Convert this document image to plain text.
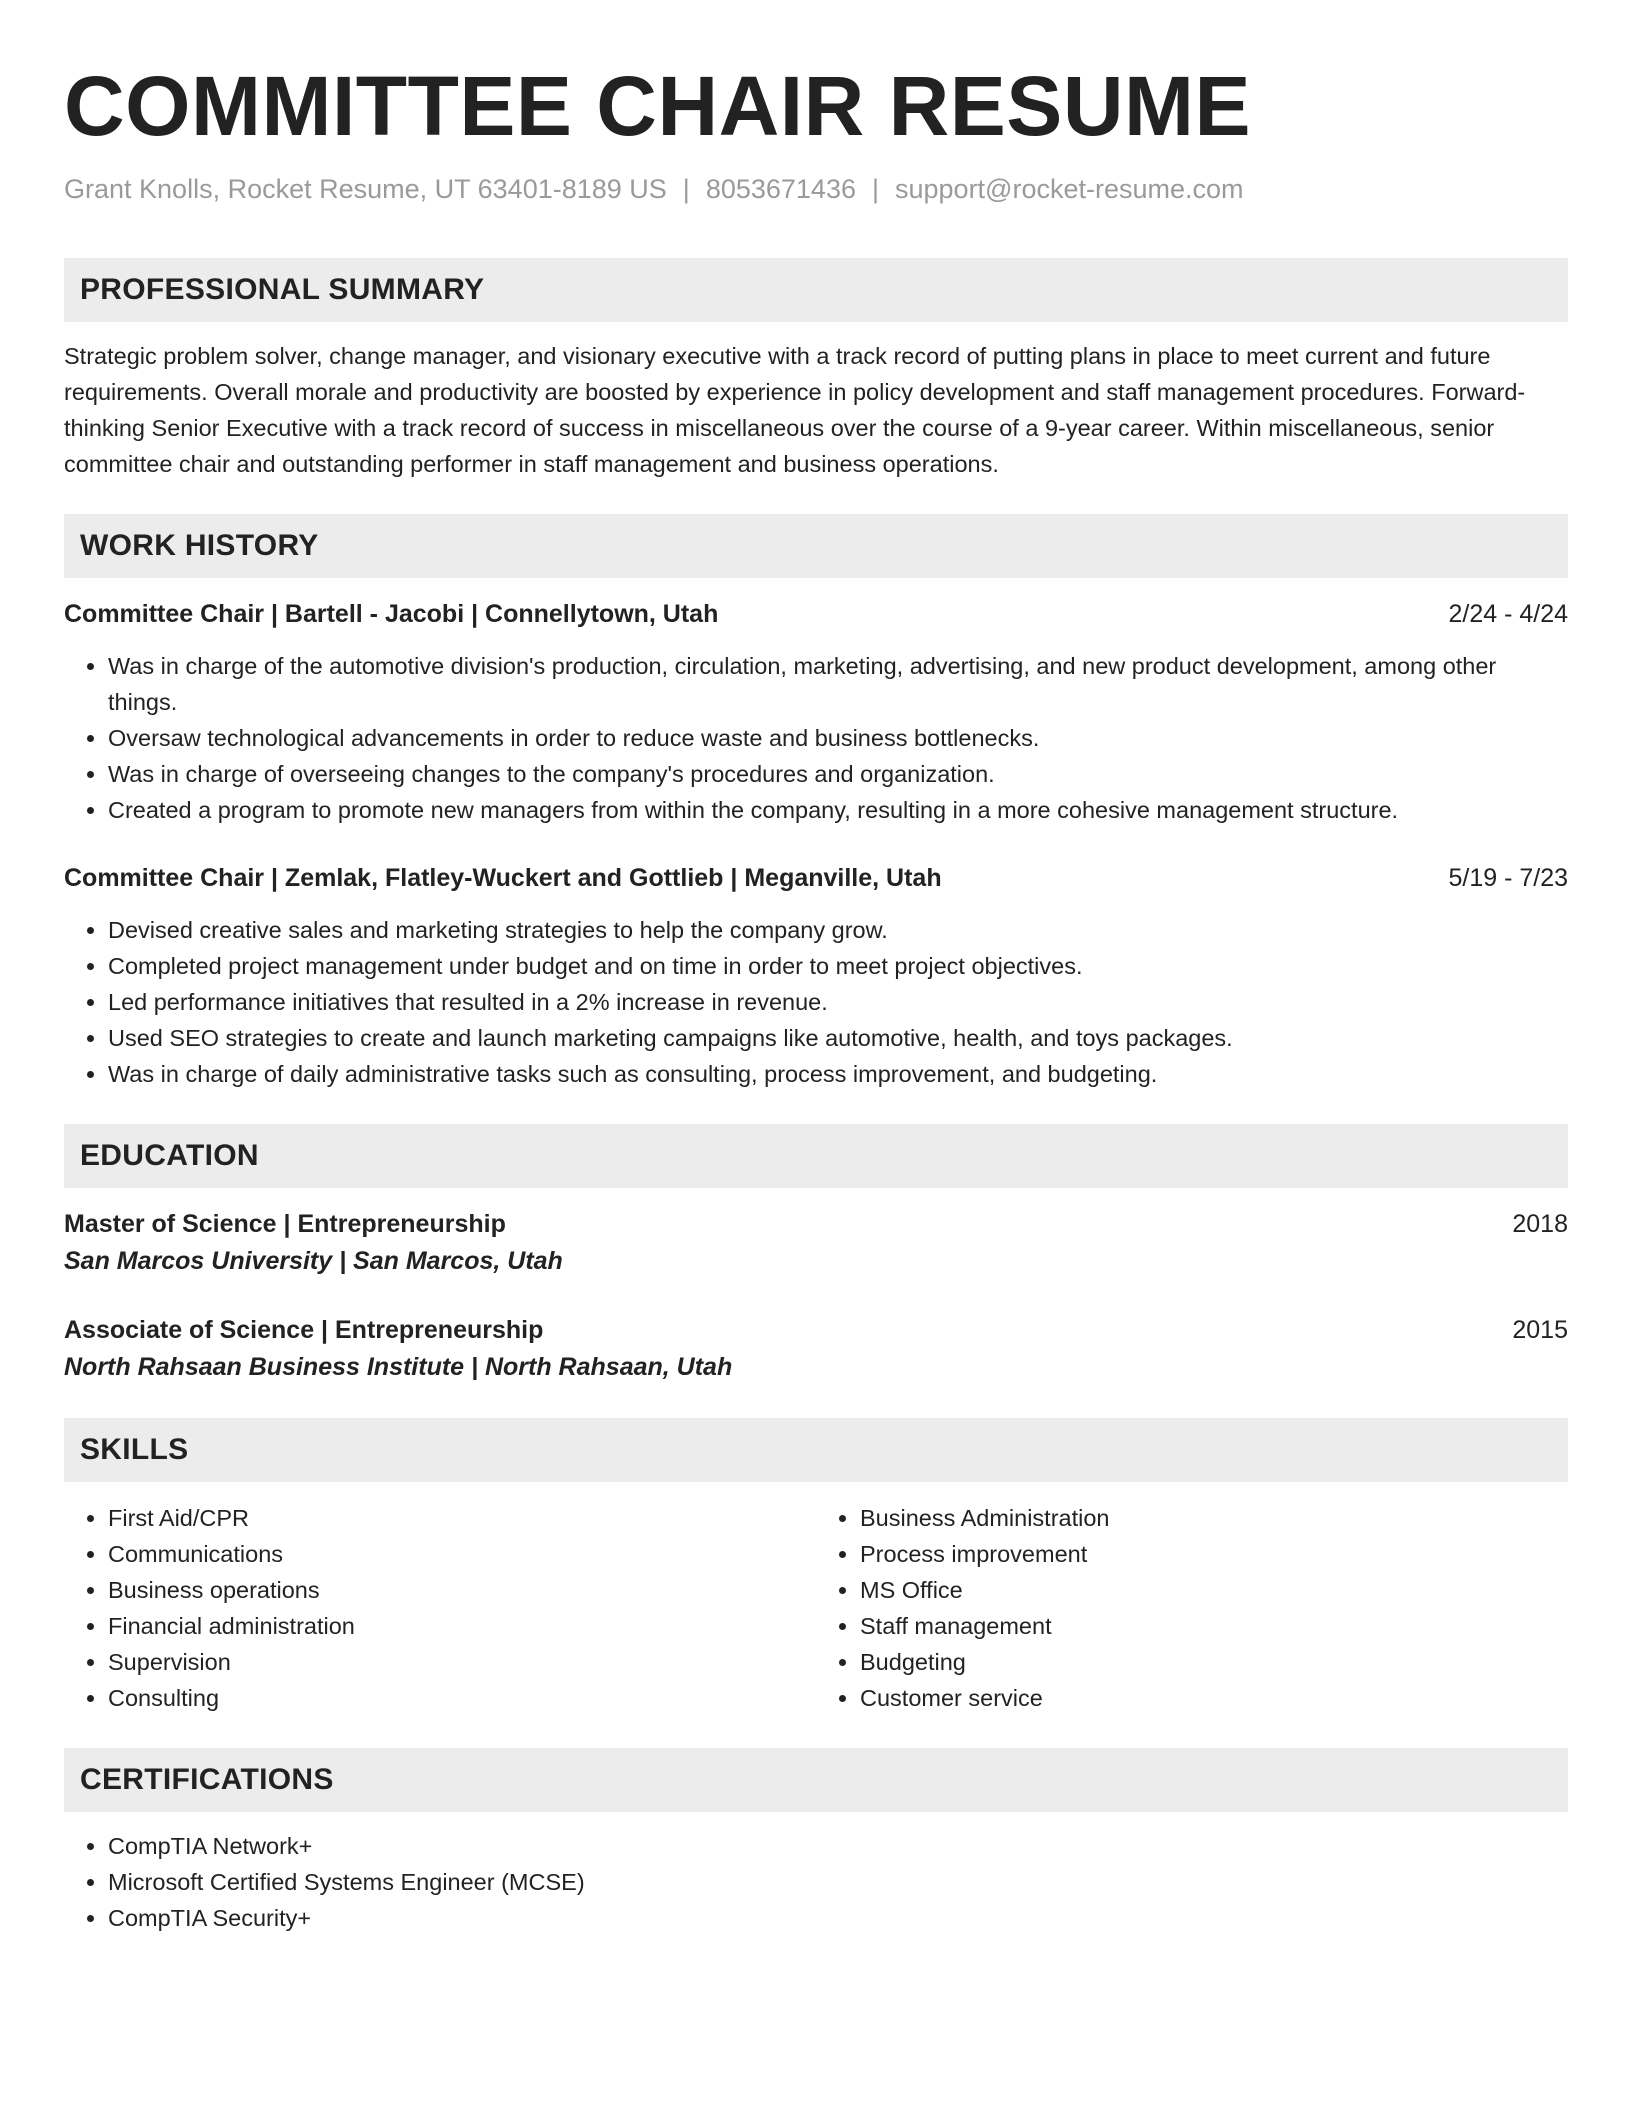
COMMITTEE CHAIR RESUME
Grant Knolls, Rocket Resume, UT 63401-8189 US | 8053671436 | support@rocket-resume.com
PROFESSIONAL SUMMARY
Strategic problem solver, change manager, and visionary executive with a track record of putting plans in place to meet current and future requirements. Overall morale and productivity are boosted by experience in policy development and staff management procedures. Forward-thinking Senior Executive with a track record of success in miscellaneous over the course of a 9-year career. Within miscellaneous, senior committee chair and outstanding performer in staff management and business operations.
WORK HISTORY
Committee Chair | Bartell - Jacobi | Connellytown, Utah	2/24 - 4/24
• Was in charge of the automotive division's production, circulation, marketing, advertising, and new product development, among other things.
• Oversaw technological advancements in order to reduce waste and business bottlenecks.
• Was in charge of overseeing changes to the company's procedures and organization.
• Created a program to promote new managers from within the company, resulting in a more cohesive management structure.
Committee Chair | Zemlak, Flatley-Wuckert and Gottlieb | Meganville, Utah	5/19 - 7/23
• Devised creative sales and marketing strategies to help the company grow.
• Completed project management under budget and on time in order to meet project objectives.
• Led performance initiatives that resulted in a 2% increase in revenue.
• Used SEO strategies to create and launch marketing campaigns like automotive, health, and toys packages.
• Was in charge of daily administrative tasks such as consulting, process improvement, and budgeting.
EDUCATION
Master of Science | Entrepreneurship	2018
San Marcos University | San Marcos, Utah
Associate of Science | Entrepreneurship	2015
North Rahsaan Business Institute | North Rahsaan, Utah
SKILLS
• First Aid/CPR
• Communications
• Business operations
• Financial administration
• Supervision
• Consulting
• Business Administration
• Process improvement
• MS Office
• Staff management
• Budgeting
• Customer service
CERTIFICATIONS
• CompTIA Network+
• Microsoft Certified Systems Engineer (MCSE)
• CompTIA Security+
